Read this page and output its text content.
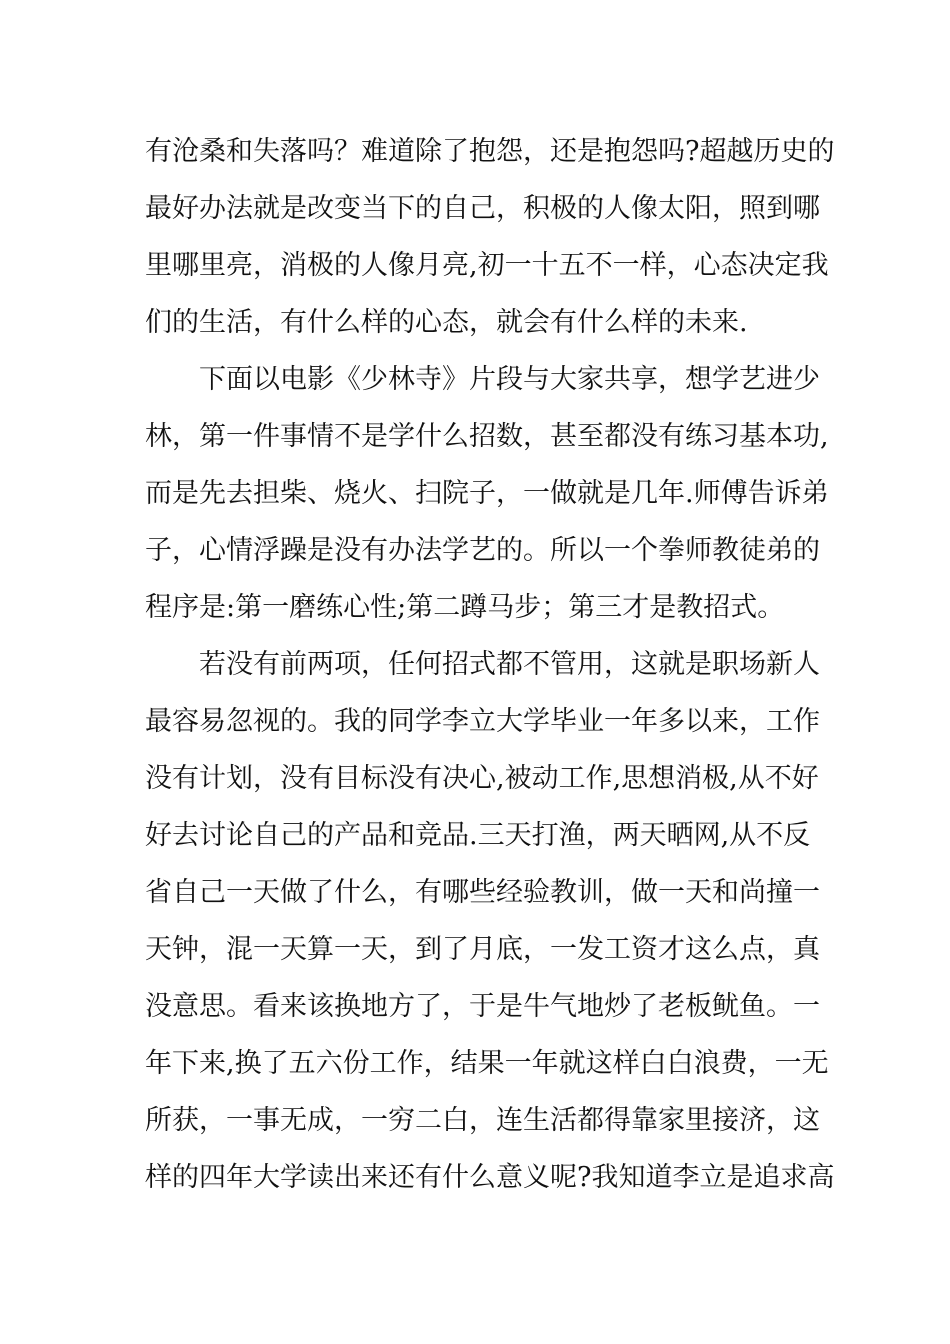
有沧桑和失落吗？难道除了抱怨，还是抱怨吗?超越历史的
最好办法就是改变当下的自己，积极的人像太阳，照到哪
里哪里亮，消极的人像月亮,初一十五不一样，心态决定我
们的生活，有什么样的心态，就会有什么样的未来.
下面以电影《少林寺》片段与大家共享，想学艺进少
林，第一件事情不是学什么招数，甚至都没有练习基本功,
而是先去担柴、烧火、扫院子，一做就是几年.师傅告诉弟
子，心情浮躁是没有办法学艺的。所以一个拳师教徒弟的
程序是:第一磨练心性;第二蹲马步；第三才是教招式。
若没有前两项，任何招式都不管用，这就是职场新人
最容易忽视的。我的同学李立大学毕业一年多以来，工作
没有计划，没有目标没有决心,被动工作,思想消极,从不好
好去讨论自己的产品和竞品.三天打渔，两天晒网,从不反
省自己一天做了什么，有哪些经验教训，做一天和尚撞一
天钟，混一天算一天，到了月底，一发工资才这么点，真
没意思。看来该换地方了，于是牛气地炒了老板鱿鱼。一
年下来,换了五六份工作，结果一年就这样白白浪费，一无
所获，一事无成，一穷二白，连生活都得靠家里接济，这
样的四年大学读出来还有什么意义呢?我知道李立是追求高
